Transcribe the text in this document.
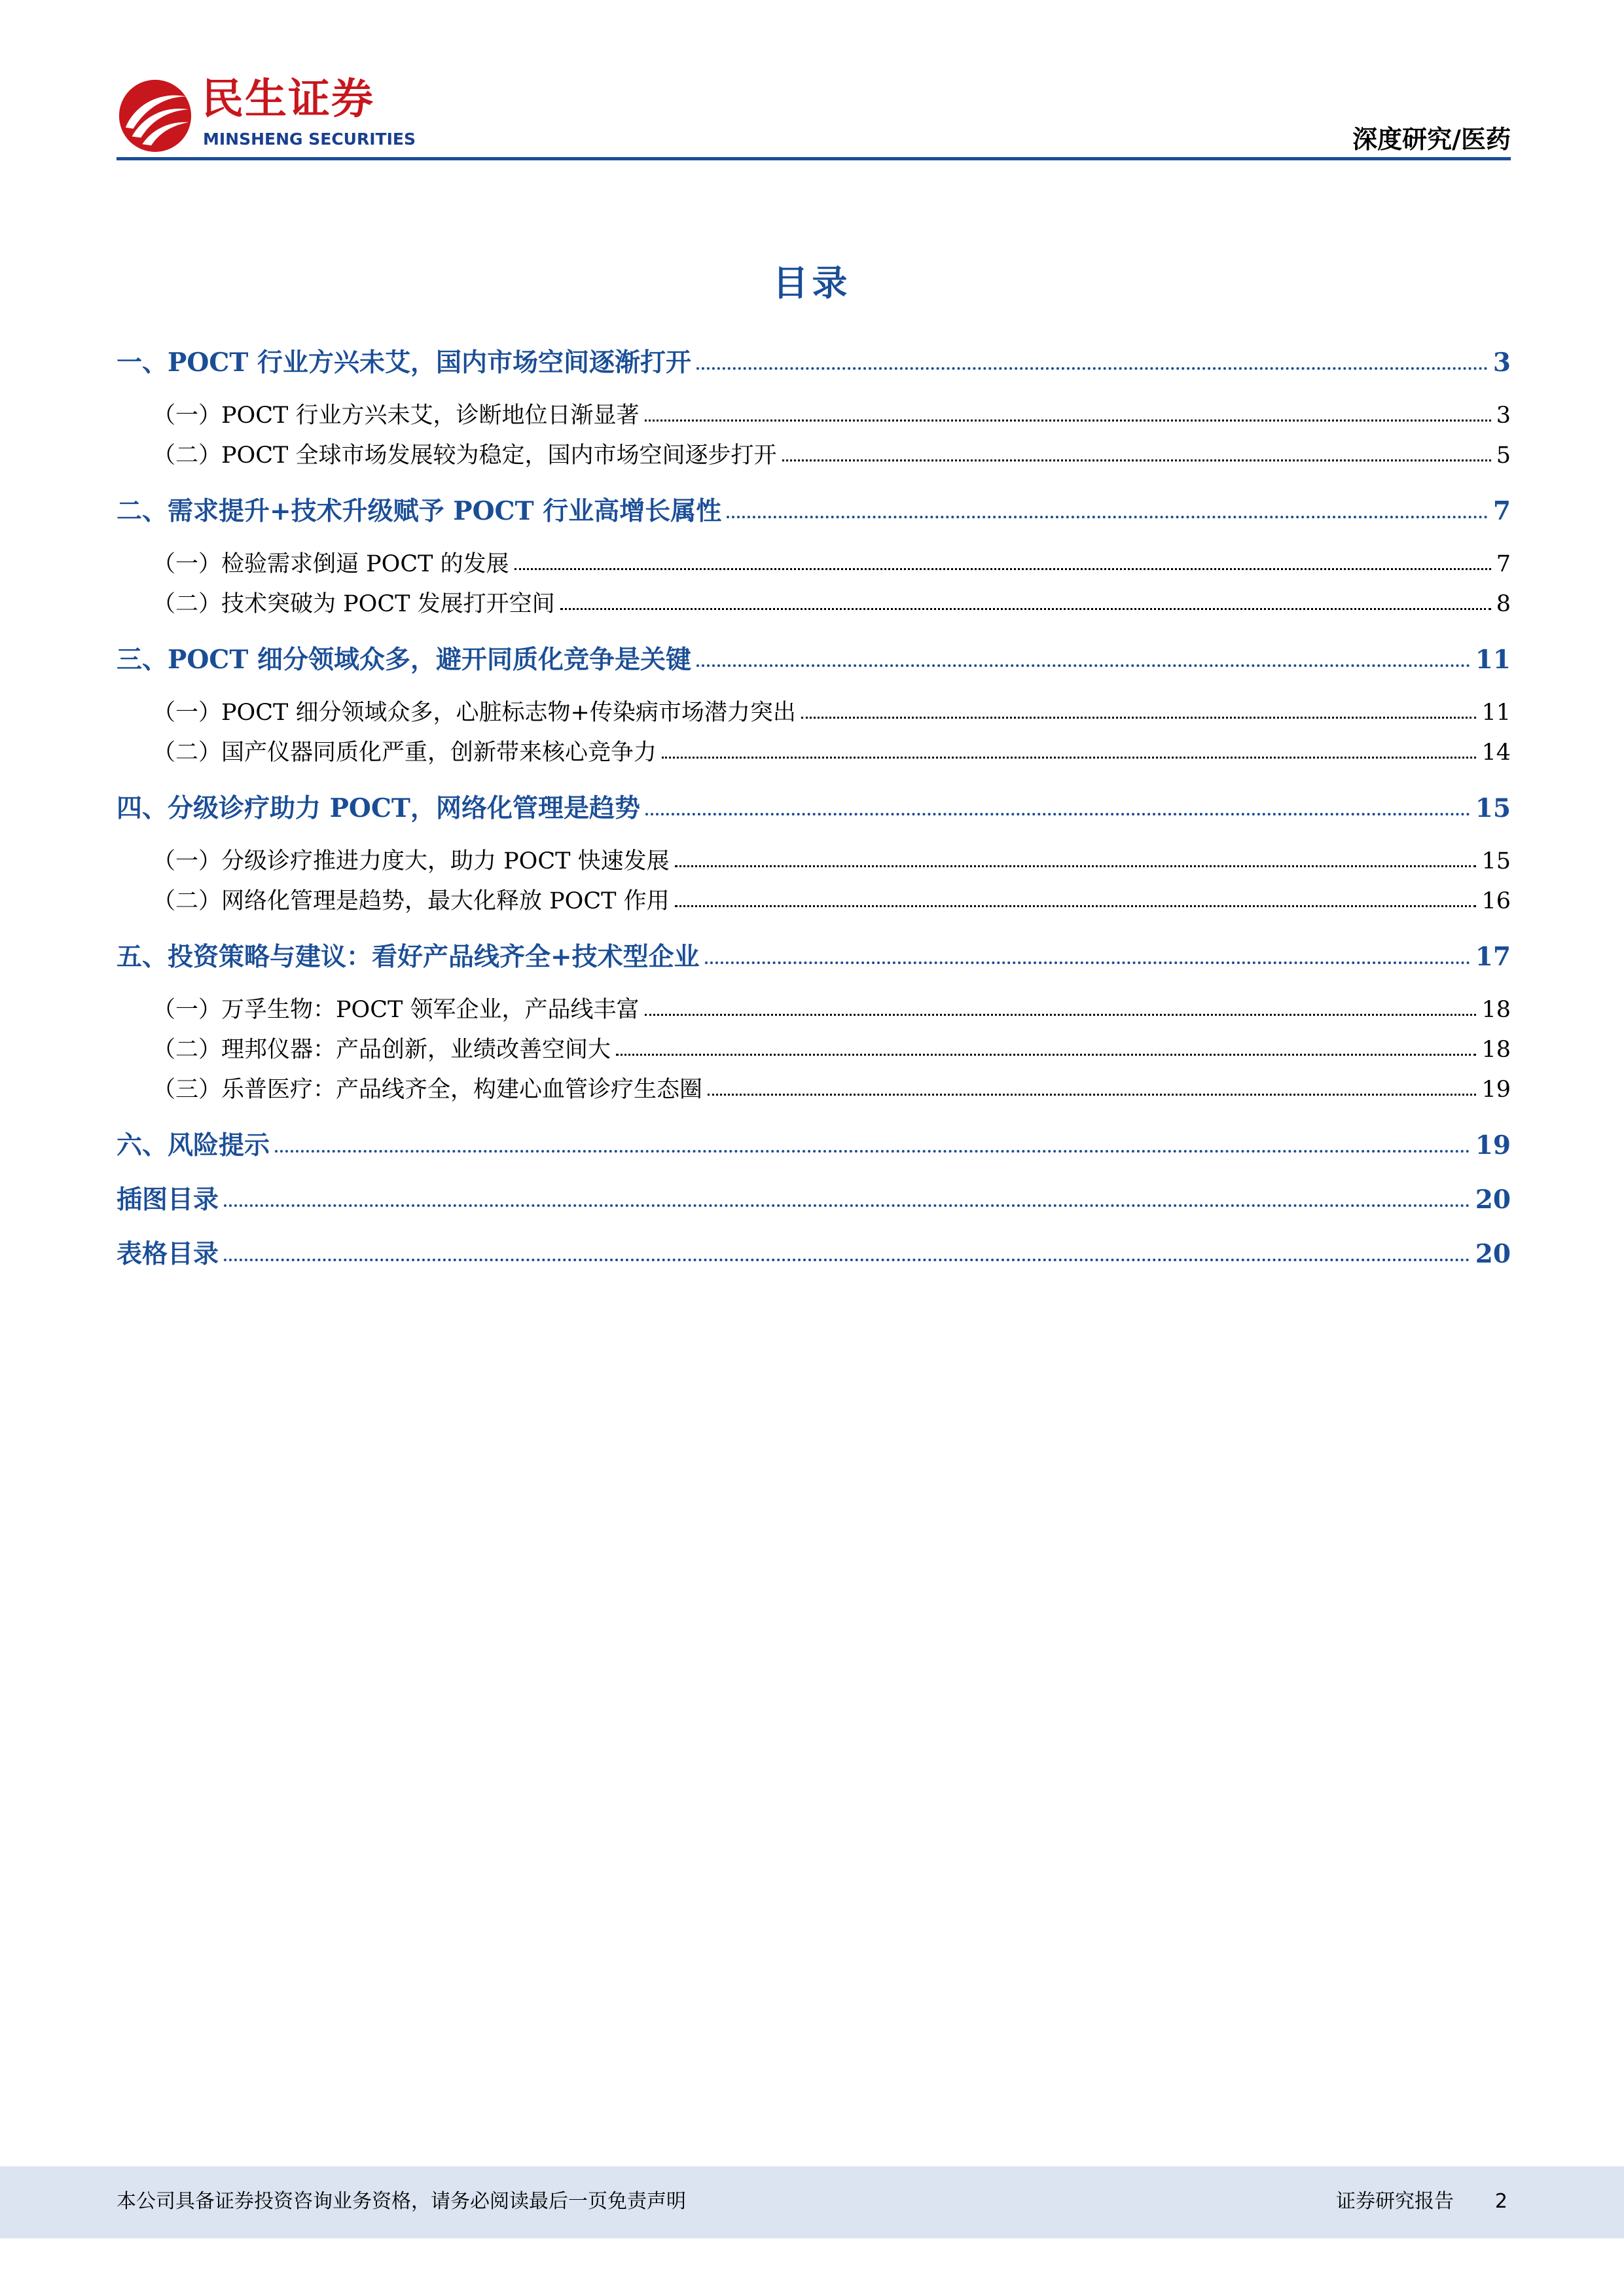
民生证券
MINSHENG SECURITIES	深度研究/医药
目录
一、POCT 行业方兴未艾，国内市场空间逐渐打开	3
（一）POCT 行业方兴未艾，诊断地位日渐显著	3
（二）POCT 全球市场发展较为稳定，国内市场空间逐步打开	5
二、需求提升+技术升级赋予 POCT 行业高增长属性	7
（一）检验需求倒逼 POCT 的发展	7
（二）技术突破为 POCT 发展打开空间	8
三、POCT 细分领域众多，避开同质化竞争是关键	11
（一）POCT 细分领域众多，心脏标志物+传染病市场潜力突出	11
（二）国产仪器同质化严重，创新带来核心竞争力	14
四、分级诊疗助力 POCT，网络化管理是趋势	15
（一）分级诊疗推进力度大，助力 POCT 快速发展	15
（二）网络化管理是趋势，最大化释放 POCT 作用	16
五、投资策略与建议：看好产品线齐全+技术型企业	17
（一）万孚生物：POCT 领军企业，产品线丰富	18
（二）理邦仪器：产品创新，业绩改善空间大	18
（三）乐普医疗：产品线齐全，构建心血管诊疗生态圈	19
六、风险提示	19
插图目录	20
表格目录	20
本公司具备证券投资咨询业务资格，请务必阅读最后一页免责声明	证券研究报告 2
